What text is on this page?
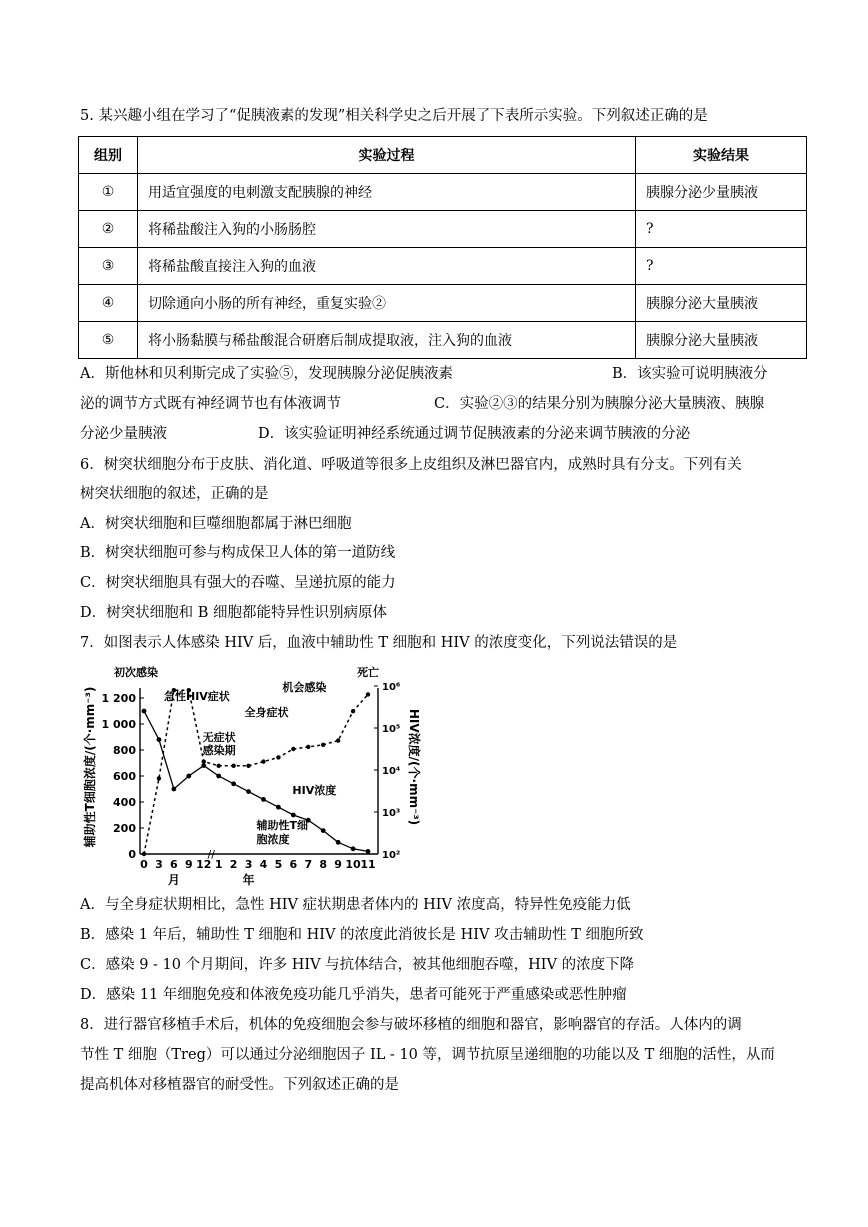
5. 某兴趣小组在学习了“促胰液素的发现”相关科学史之后开展了下表所示实验。下列叙述正确的是
组别	实验过程	实验结果
①	用适宜强度的电刺激支配胰腺的神经	胰腺分泌少量胰液
②	将稀盐酸注入狗的小肠肠腔	?
③	将稀盐酸直接注入狗的血液	?
④	切除通向小肠的所有神经，重复实验②	胰腺分泌大量胰液
⑤	将小肠黏膜与稀盐酸混合研磨后制成提取液，注入狗的血液	胰腺分泌大量胰液
A．斯他林和贝利斯完成了实验⑤，发现胰腺分泌促胰液素	B．该实验可说明胰液分
泌的调节方式既有神经调节也有体液调节	C．实验②③的结果分别为胰腺分泌大量胰液、胰腺
分泌少量胰液	D．该实验证明神经系统通过调节促胰液素的分泌来调节胰液的分泌
6．树突状细胞分布于皮肤、消化道、呼吸道等很多上皮组织及淋巴器官内，成熟时具有分支。下列有关
树突状细胞的叙述，正确的是
A．树突状细胞和巨噬细胞都属于淋巴细胞
B．树突状细胞可参与构成保卫人体的第一道防线
C．树突状细胞具有强大的吞噬、呈递抗原的能力
D．树突状细胞和 B 细胞都能特异性识别病原体
7．如图表示人体感染 HIV 后，血液中辅助性 T 细胞和 HIV 的浓度变化，下列说法错误的是
0
200
400
600
800
1 000
1 200
10²
10³
10⁴
10⁵
10⁶
0 3 6 9 12 1 2 3 4 5 6 7 8 9 10 11
//
月	年
辅助性T细胞浓度/(个·mm⁻³)	HIV浓度/(个·mm⁻³)
初次感染
急性HIV症状
无症状
感染期
全身症状
机会感染
死亡
HIV浓度
辅助性T细
胞浓度
A．与全身症状期相比，急性 HIV 症状期患者体内的 HIV 浓度高，特异性免疫能力低
B．感染 1 年后，辅助性 T 细胞和 HIV 的浓度此消彼长是 HIV 攻击辅助性 T 细胞所致
C．感染 9 - 10 个月期间，许多 HIV 与抗体结合，被其他细胞吞噬，HIV 的浓度下降
D．感染 11 年细胞免疫和体液免疫功能几乎消失，患者可能死于严重感染或恶性肿瘤
8．进行器官移植手术后，机体的免疫细胞会参与破坏移植的细胞和器官，影响器官的存活。人体内的调
节性 T 细胞（Treg）可以通过分泌细胞因子 IL - 10 等，调节抗原呈递细胞的功能以及 T 细胞的活性，从而
提高机体对移植器官的耐受性。下列叙述正确的是
